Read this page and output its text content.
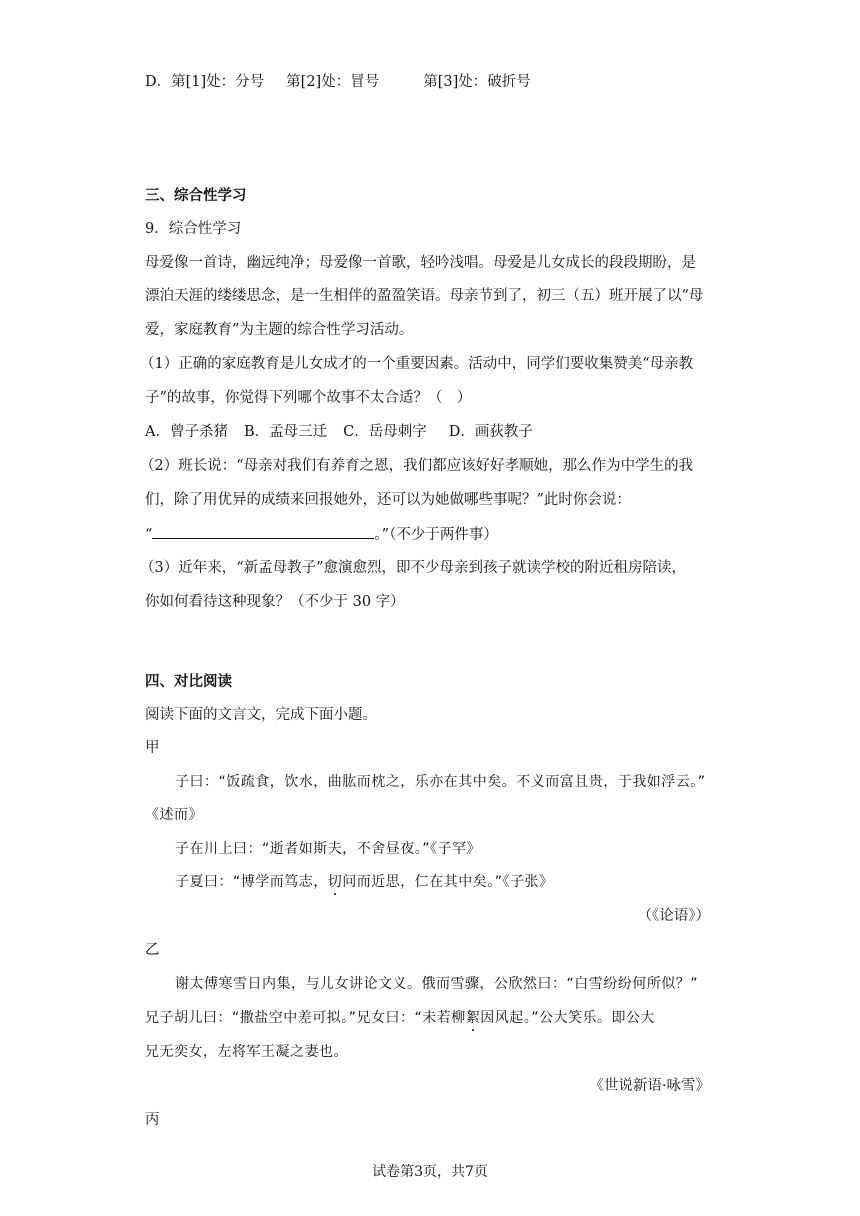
D．第[1]处：分号 第[2]处：冒号	第[3]处：破折号
三、综合性学习
9．综合性学习
母爱像一首诗，幽远纯净；母爱像一首歌，轻吟浅唱。母爱是儿女成长的段段期盼，是
漂泊天涯的缕缕思念，是一生相伴的盈盈笑语。母亲节到了，初三（五）班开展了以“母
爱，家庭教育”为主题的综合性学习活动。
（1）正确的家庭教育是儿女成才的一个重要因素。活动中，同学们要收集赞美“母亲教
子”的故事，你觉得下列哪个故事不太合适？（　）
A．曾子杀猪 B．孟母三迁 C．岳母刺字 D．画荻教子
（2）班长说：“母亲对我们有养育之恩，我们都应该好好孝顺她，那么作为中学生的我
们，除了用优异的成绩来回报她外，还可以为她做哪些事呢？”此时你会说：
“	。”（不少于两件事）
（3）近年来，“新孟母教子”愈演愈烈，即不少母亲到孩子就读学校的附近租房陪读，
你如何看待这种现象？（不少于 30 字）
四、对比阅读
阅读下面的文言文，完成下面小题。
甲
子曰：“饭疏食，饮水，曲肱而枕之，乐亦在其中矣。不义而富且贵，于我如浮云。”
《述而》
子在川上曰：“逝者如斯夫，不舍昼夜。”《子罕》
子夏曰：“博学而笃志，切问而近思，仁在其中矣。”《子张》
（《论语》）
乙
谢太傅寒雪日内集，与儿女讲论文义。俄而雪骤，公欣然曰：“白雪纷纷何所似？”
兄子胡儿曰：“撒盐空中差可拟。”兄女曰：“未若柳絮因风起。”公大笑乐。即公大
兄无奕女，左将军王凝之妻也。
《世说新语·咏雪》
丙
试卷第3页，共7页
